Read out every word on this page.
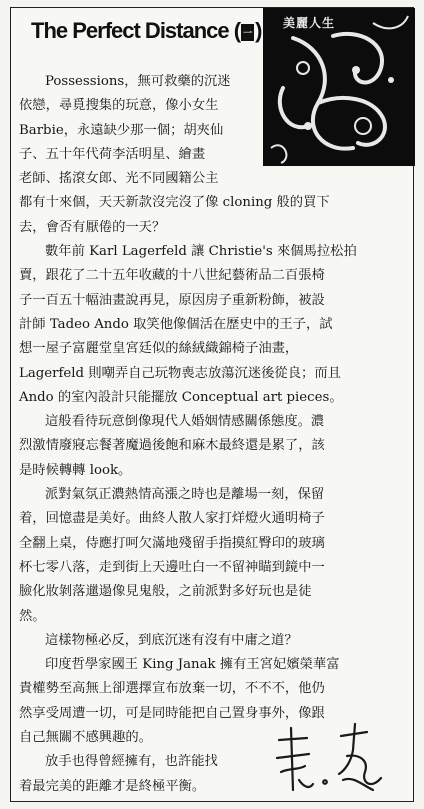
The Perfect Distance ( 一 ) 美麗人生
Possessions，無可救藥的沉迷
依戀，尋覓搜集的玩意，像小女生
Barbie，永遠缺少那一個；胡夾仙
子、五十年代荷李活明星、繪畫
老師、搖滾女郎、光不同國籍公主
都有十來個，天天新款沒完沒了像 cloning 般的買下
去，會否有厭倦的一天？
數年前 Karl Lagerfeld 讓 Christie's 來個馬拉松拍
賣，跟花了二十五年收藏的十八世紀藝術品二百張椅
子一百五十幅油畫說再見，原因房子重新粉飾，被設
計師 Tadeo Ando 取笑他像個活在歷史中的王子，試
想一屋子富麗堂皇宮廷似的絲絨織錦椅子油畫，
Lagerfeld 則嘲弄自己玩物喪志放蕩沉迷後從良；而且
Ando 的室內設計只能擺放 Conceptual art pieces。
這般看待玩意倒像現代人婚姻情感關係態度。濃
烈激情廢寢忘餐著魔過後飽和麻木最終還是累了，該
是時候轉轉 look。
派對氣氛正濃熱情高漲之時也是離場一刻，保留
着，回憶盡是美好。曲終人散人家打烊燈火通明椅子
全翻上桌，侍應打呵欠滿地殘留手指摸紅臀印的玻璃
杯七零八落，走到街上天邊吐白一不留神瞄到鏡中一
臉化妝剝落邋遢像見鬼般，之前派對多好玩也是徒
然。
這樣物極必反，到底沉迷有沒有中庸之道？
印度哲學家國王 King Janak 擁有王宮妃嬪榮華富
貴權勢至高無上卻選擇宣布放棄一切，不不不，他仍
然享受周遭一切，可是同時能把自己置身事外，像跟
自己無關不感興趣的。
放手也得曾經擁有，也許能找
着最完美的距離才是終極平衡。
